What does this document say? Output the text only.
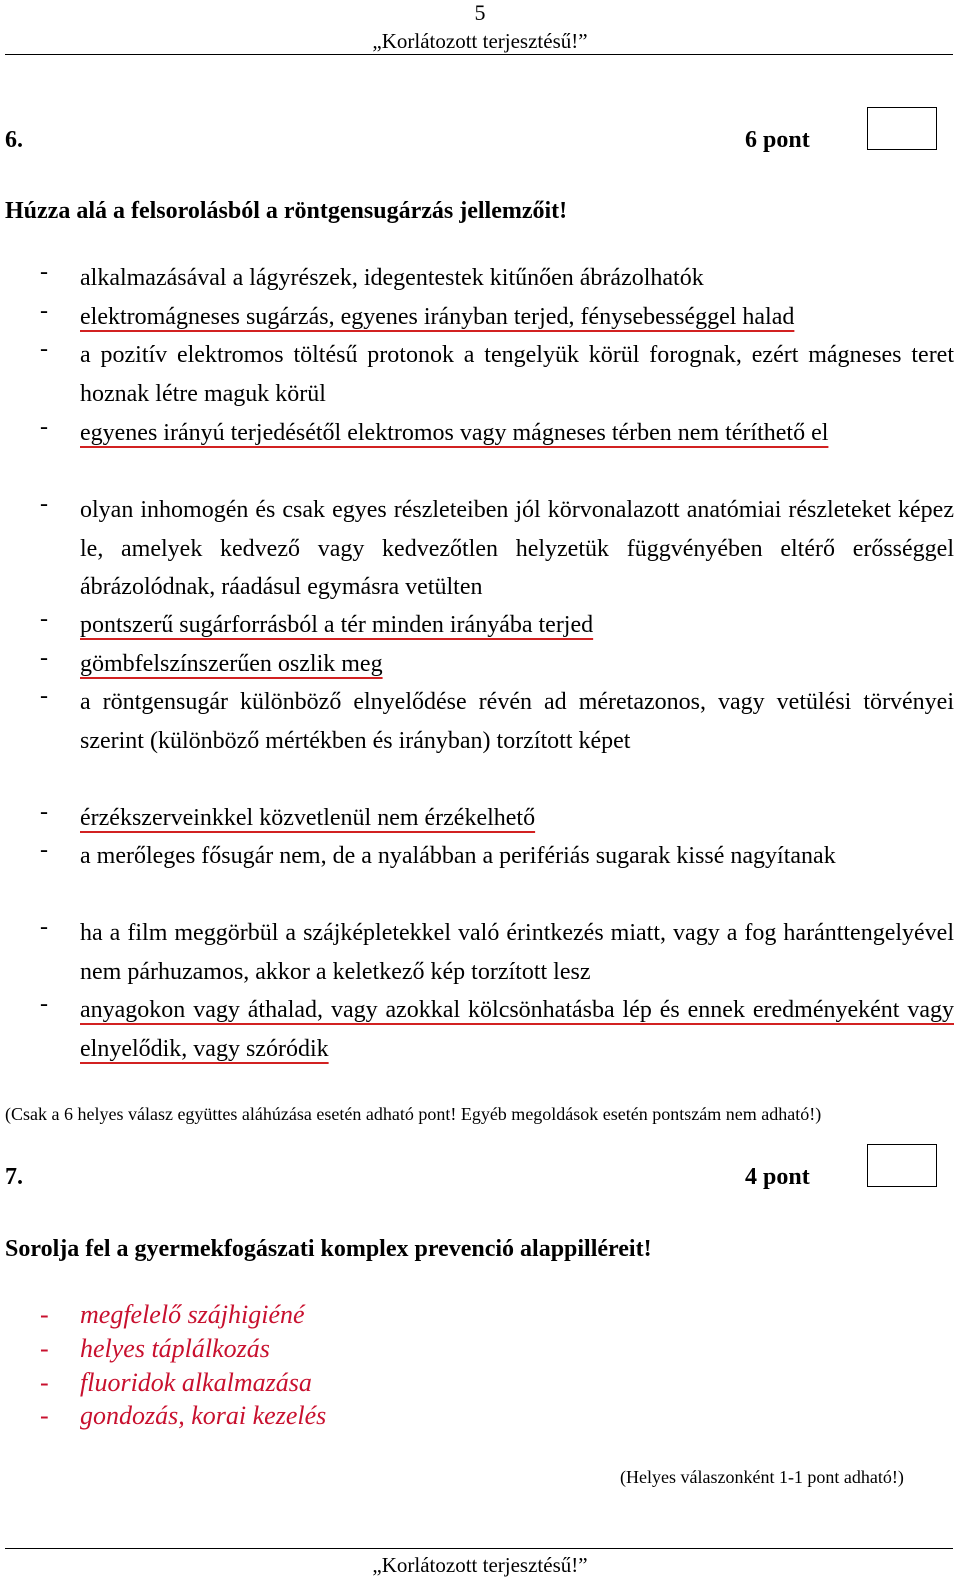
5
„Korlátozott terjesztésű!”
6.	6 pont
Húzza alá a felsorolásból a röntgensugárzás jellemzőit!
- alkalmazásával a lágyrészek, idegentestek kitűnően ábrázolhatók
- elektromágneses sugárzás, egyenes irányban terjed, fénysebességgel halad
- a pozitív elektromos töltésű protonok a tengelyük körül forognak, ezért mágneses teret hoznak létre maguk körül
- egyenes irányú terjedésétől elektromos vagy mágneses térben nem téríthető el
- olyan inhomogén és csak egyes részleteiben jól körvonalazott anatómiai részleteket képez le, amelyek kedvező vagy kedvezőtlen helyzetük függvényében eltérő erősséggel ábrázolódnak, ráadásul egymásra vetülten
- pontszerű sugárforrásból a tér minden irányába terjed
- gömbfelszínszerűen oszlik meg
- a röntgensugár különböző elnyelődése révén ad méretazonos, vagy vetülési törvényei szerint (különböző mértékben és irányban) torzított képet
- érzékszerveinkkel közvetlenül nem érzékelhető
- a merőleges fősugár nem, de a nyalábban a perifériás sugarak kissé nagyítanak
- ha a film meggörbül a szájképletekkel való érintkezés miatt, vagy a fog haránttengelyével nem párhuzamos, akkor a keletkező kép torzított lesz
- anyagokon vagy áthalad, vagy azokkal kölcsönhatásba lép és ennek eredményeként vagy elnyelődik, vagy szóródik
(Csak a 6 helyes válasz együttes aláhúzása esetén adható pont! Egyéb megoldások esetén pontszám nem adható!)
7.	4 pont
Sorolja fel a gyermekfogászati komplex prevenció alappilléreit!
- megfelelő szájhigiéné
- helyes táplálkozás
- fluoridok alkalmazása
- gondozás, korai kezelés
(Helyes válaszonként 1-1 pont adható!)
„Korlátozott terjesztésű!”
